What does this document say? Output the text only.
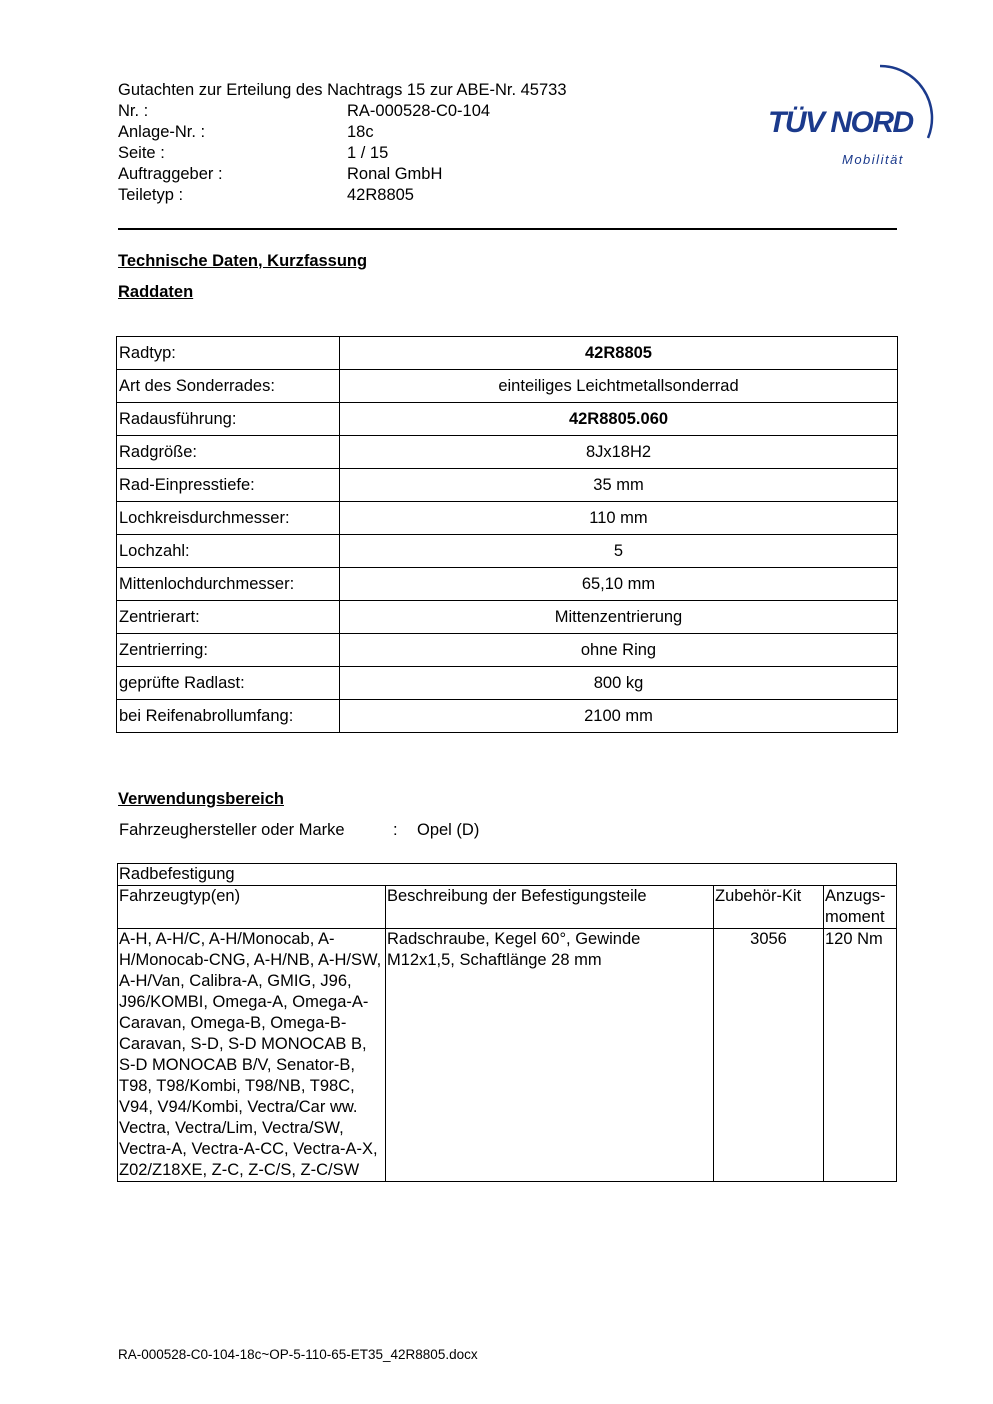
Gutachten zur Erteilung des Nachtrags 15 zur ABE-Nr. 45733
Nr. :	RA-000528-C0-104
Anlage-Nr. :	18c
Seite :	1 / 15
Auftraggeber :	Ronal GmbH
Teiletyp :	42R8805
TÜV NORD
Mobilität
Technische Daten, Kurzfassung
Raddaten
Radtyp:	42R8805
Art des Sonderrades:	einteiliges Leichtmetallsonderrad
Radausführung:	42R8805.060
Radgröße:	8Jx18H2
Rad-Einpresstiefe:	35 mm
Lochkreisdurchmesser:	110 mm
Lochzahl:	5
Mittenlochdurchmesser:	65,10 mm
Zentrierart:	Mittenzentrierung
Zentrierring:	ohne Ring
geprüfte Radlast:	800 kg
bei Reifenabrollumfang:	2100 mm
Verwendungsbereich
Fahrzeughersteller oder Marke	:	Opel (D)
Radbefestigung			
Fahrzeugtyp(en)	Beschreibung der Befestigungsteile	Zubehör-Kit	Anzugs-moment
A-H, A-H/C, A-H/Monocab, A-H/Monocab-CNG, A-H/NB, A-H/SW, A-H/Van, Calibra-A, GMIG, J96, J96/KOMBI, Omega-A, Omega-A-Caravan, Omega-B, Omega-B-Caravan, S-D, S-D MONOCAB B, S-D MONOCAB B/V, Senator-B, T98, T98/Kombi, T98/NB, T98C, V94, V94/Kombi, Vectra/Car ww. Vectra, Vectra/Lim, Vectra/SW, Vectra-A, Vectra-A-CC, Vectra-A-X, Z02/Z18XE, Z-C, Z-C/S, Z-C/SW	Radschraube, Kegel 60°, Gewinde M12x1,5, Schaftlänge 28 mm	3056	120 Nm
RA-000528-C0-104-18c~OP-5-110-65-ET35_42R8805.docx
